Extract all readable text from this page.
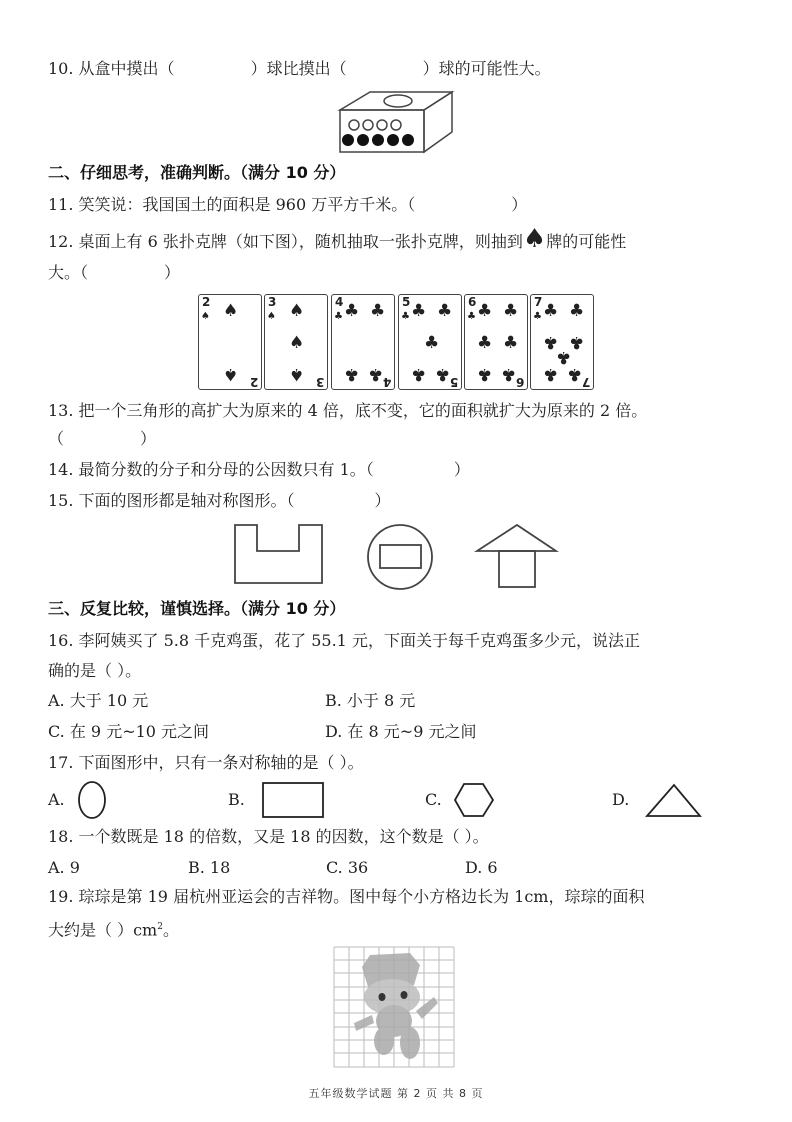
10. 从盒中摸出（	）球比摸出（	）球的可能性大。
二、仔细思考，准确判断。（满分 10 分）
11. 笑笑说：我国国土的面积是 960 万平方千米。（	）
12. 桌面上有 6 张扑克牌（如下图），随机抽取一张扑克牌，则抽到♠牌的可能性
大。（	）
2
♠ ♠
♠ 2
3
♠ ♠
♠
♠ 3
4
♣ ♣ ♣
♣ ♣ 4
5
♣ ♣ ♣
♣
♣ ♣ 5
6
♣ ♣ ♣
♣ ♣
♣ ♣ 6
7
♣ ♣ ♣
♣ ♣
♣
♣ ♣ 7
13. 把一个三角形的高扩大为原来的 4 倍，底不变，它的面积就扩大为原来的 2 倍。
（	）
14. 最简分数的分子和分母的公因数只有 1。（	）
15. 下面的图形都是轴对称图形。（	）
三、反复比较，谨慎选择。（满分 10 分）
16. 李阿姨买了 5.8 千克鸡蛋，花了 55.1 元，下面关于每千克鸡蛋多少元，说法正
确的是（ ）。
A. 大于 10 元	B. 小于 8 元
C. 在 9 元~10 元之间	D. 在 8 元~9 元之间
17. 下面图形中，只有一条对称轴的是（ ）。
A.	B.	C.	D.
18. 一个数既是 18 的倍数，又是 18 的因数，这个数是（ ）。
A. 9	B. 18	C. 36	D. 6
19. 琮琮是第 19 届杭州亚运会的吉祥物。图中每个小方格边长为 1cm，琮琮的面积
大约是（ ）$cm^2$。
五年级数学试题 第 2 页 共 8 页
